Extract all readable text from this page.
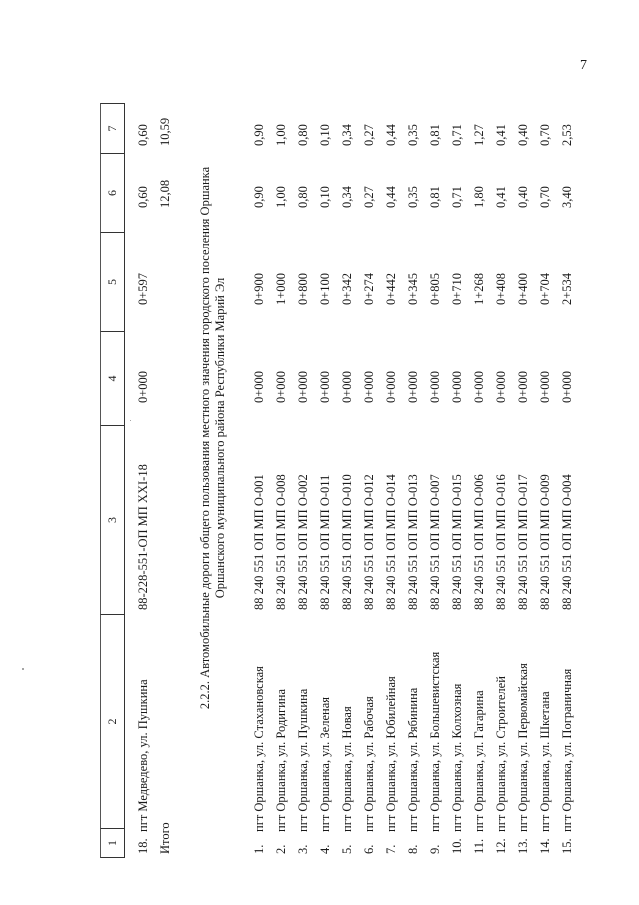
7
1
2
3
4
5
6
7
18.
пгт Медведево, ул. Пушкина
88-228-551-ОП МП XXI-18
0+000
0+597
0,60
0,60
Итого
12,08
10,59
2.2.2. Автомобильные дороги общего пользования местного значения городского поселения Оршанка Оршанского муниципального района Республики Марий Эл
1.
пгт Оршанка, ул. Стахановская
88 240 551 ОП МП О-001
0+000
0+900
0,90
0,90
2.
пгт Оршанка, ул. Родигина
88 240 551 ОП МП О-008
0+000
1+000
1,00
1,00
3.
пгт Оршанка, ул. Пушкина
88 240 551 ОП МП О-002
0+000
0+800
0,80
0,80
4.
пгт Оршанка, ул. Зеленая
88 240 551 ОП МП О-011
0+000
0+100
0,10
0,10
5.
пгт Оршанка, ул. Новая
88 240 551 ОП МП О-010
0+000
0+342
0,34
0,34
6.
пгт Оршанка, ул. Рабочая
88 240 551 ОП МП О-012
0+000
0+274
0,27
0,27
7.
пгт Оршанка, ул. Юбилейная
88 240 551 ОП МП О-014
0+000
0+442
0,44
0,44
8.
пгт Оршанка, ул. Рябинина
88 240 551 ОП МП О-013
0+000
0+345
0,35
0,35
9.
пгт Оршанка, ул. Большевистская
88 240 551 ОП МП О-007
0+000
0+805
0,81
0,81
10.
пгт Оршанка, ул. Колхозная
88 240 551 ОП МП О-015
0+000
0+710
0,71
0,71
11.
пгт Оршанка, ул. Гагарина
88 240 551 ОП МП О-006
0+000
1+268
1,80
1,27
12.
пгт Оршанка, ул. Строителей
88 240 551 ОП МП О-016
0+000
0+408
0,41
0,41
13.
пгт Оршанка, ул. Первомайская
88 240 551 ОП МП О-017
0+000
0+400
0,40
0,40
14.
пгт Оршанка, ул. Шкетана
88 240 551 ОП МП О-009
0+000
0+704
0,70
0,70
15.
пгт Оршанка, ул. Пограничная
88 240 551 ОП МП О-004
0+000
2+534
3,40
2,53
